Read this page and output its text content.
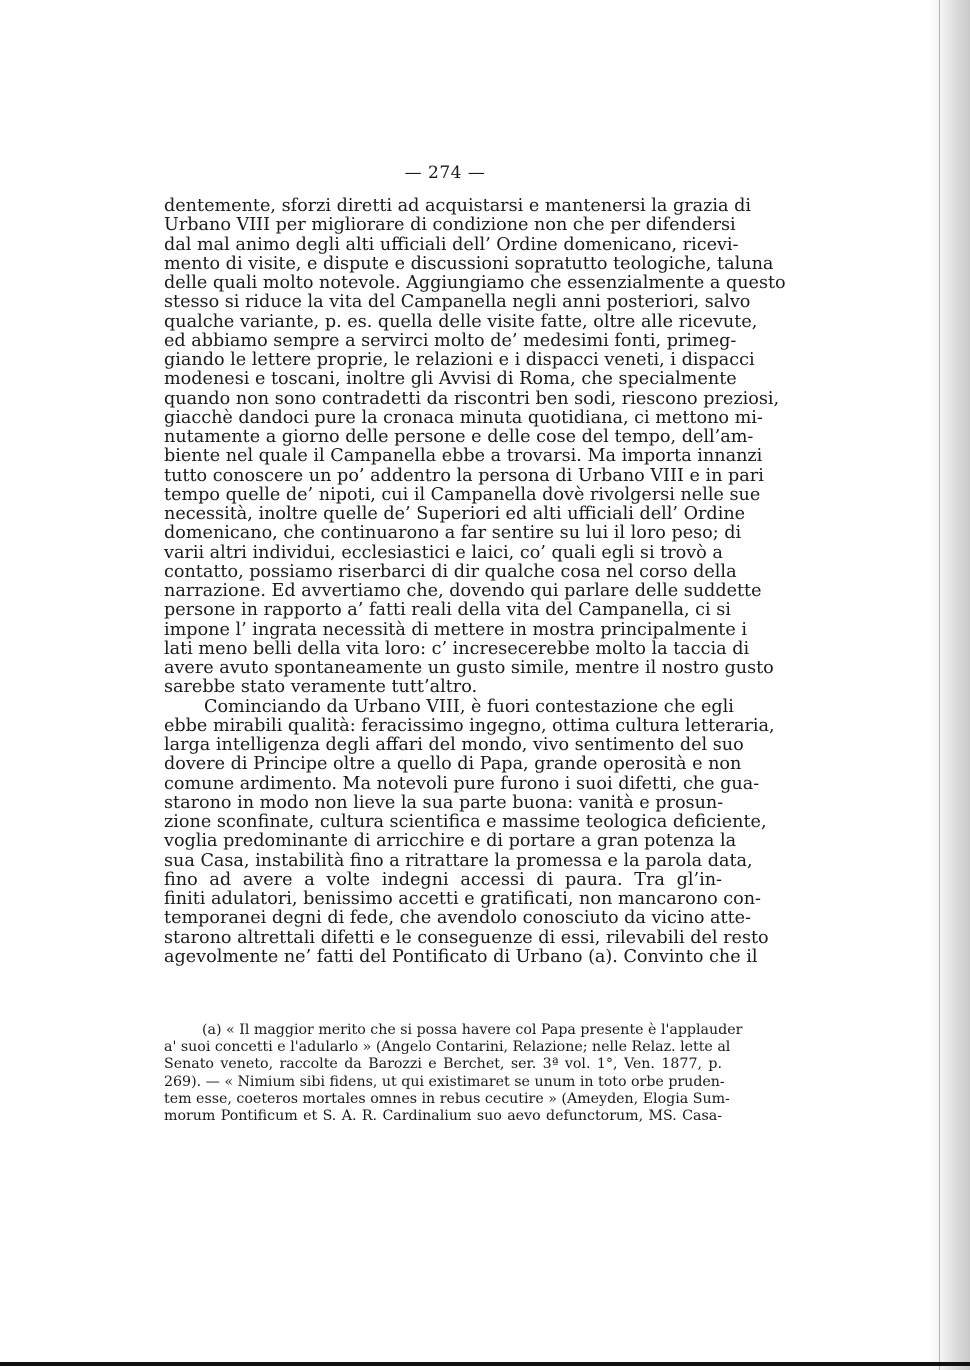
— 274 —
dentemente, sforzi diretti ad acquistarsi e mantenersi la grazia di
Urbano VIII per migliorare di condizione non che per difendersi
dal mal animo degli alti ufficiali dell’ Ordine domenicano, ricevi-
mento di visite, e dispute e discussioni sopratutto teologiche, taluna
delle quali molto notevole. Aggiungiamo che essenzialmente a questo
stesso si riduce la vita del Campanella negli anni posteriori, salvo
qualche variante, p. es. quella delle visite fatte, oltre alle ricevute,
ed abbiamo sempre a servirci molto de’ medesimi fonti, primeg-
giando le lettere proprie, le relazioni e i dispacci veneti, i dispacci
modenesi e toscani, inoltre gli Avvisi di Roma, che specialmente
quando non sono contradetti da riscontri ben sodi, riescono preziosi,
giacchè dandoci pure la cronaca minuta quotidiana, ci mettono mi-
nutamente a giorno delle persone e delle cose del tempo, dell’am-
biente nel quale il Campanella ebbe a trovarsi. Ma importa innanzi
tutto conoscere un po’ addentro la persona di Urbano VIII e in pari
tempo quelle de’ nipoti, cui il Campanella dovè rivolgersi nelle sue
necessità, inoltre quelle de’ Superiori ed alti ufficiali dell’ Ordine
domenicano, che continuarono a far sentire su lui il loro peso; di
varii altri individui, ecclesiastici e laici, co’ quali egli si trovò a
contatto, possiamo riserbarci di dir qualche cosa nel corso della
narrazione. Ed avvertiamo che, dovendo qui parlare delle suddette
persone in rapporto a’ fatti reali della vita del Campanella, ci si
impone l’ ingrata necessità di mettere in mostra principalmente i
lati meno belli della vita loro: c’ incresecerebbe molto la taccia di
avere avuto spontaneamente un gusto simile, mentre il nostro gusto
sarebbe stato veramente tutt’altro.
Cominciando da Urbano VIII, è fuori contestazione che egli
ebbe mirabili qualità: feracissimo ingegno, ottima cultura letteraria,
larga intelligenza degli affari del mondo, vivo sentimento del suo
dovere di Principe oltre a quello di Papa, grande operosità e non
comune ardimento. Ma notevoli pure furono i suoi difetti, che gua-
starono in modo non lieve la sua parte buona: vanità e prosun-
zione sconfinate, cultura scientifica e massime teologica deficiente,
voglia predominante di arricchire e di portare a gran potenza la
sua Casa, instabilità fino a ritrattare la promessa e la parola data,
fino ad avere a volte indegni accessi di paura. Tra gl’in-
finiti adulatori, benissimo accetti e gratificati, non mancarono con-
temporanei degni di fede, che avendolo conosciuto da vicino atte-
starono altrettali difetti e le conseguenze di essi, rilevabili del resto
agevolmente ne’ fatti del Pontificato di Urbano (a). Convinto che il
(a) « Il maggior merito che si possa havere col Papa presente è l'applauder
a' suoi concetti e l'adularlo » (Angelo Contarini, Relazione; nelle Relaz. lette al
Senato veneto, raccolte da Barozzi e Berchet, ser. 3ª vol. 1°, Ven. 1877, p.
269). — « Nimium sibi fidens, ut qui existimaret se unum in toto orbe pruden-
tem esse, coeteros mortales omnes in rebus cecutire » (Ameyden, Elogia Sum-
morum Pontificum et S. A. R. Cardinalium suo aevo defunctorum, MS. Casa-
